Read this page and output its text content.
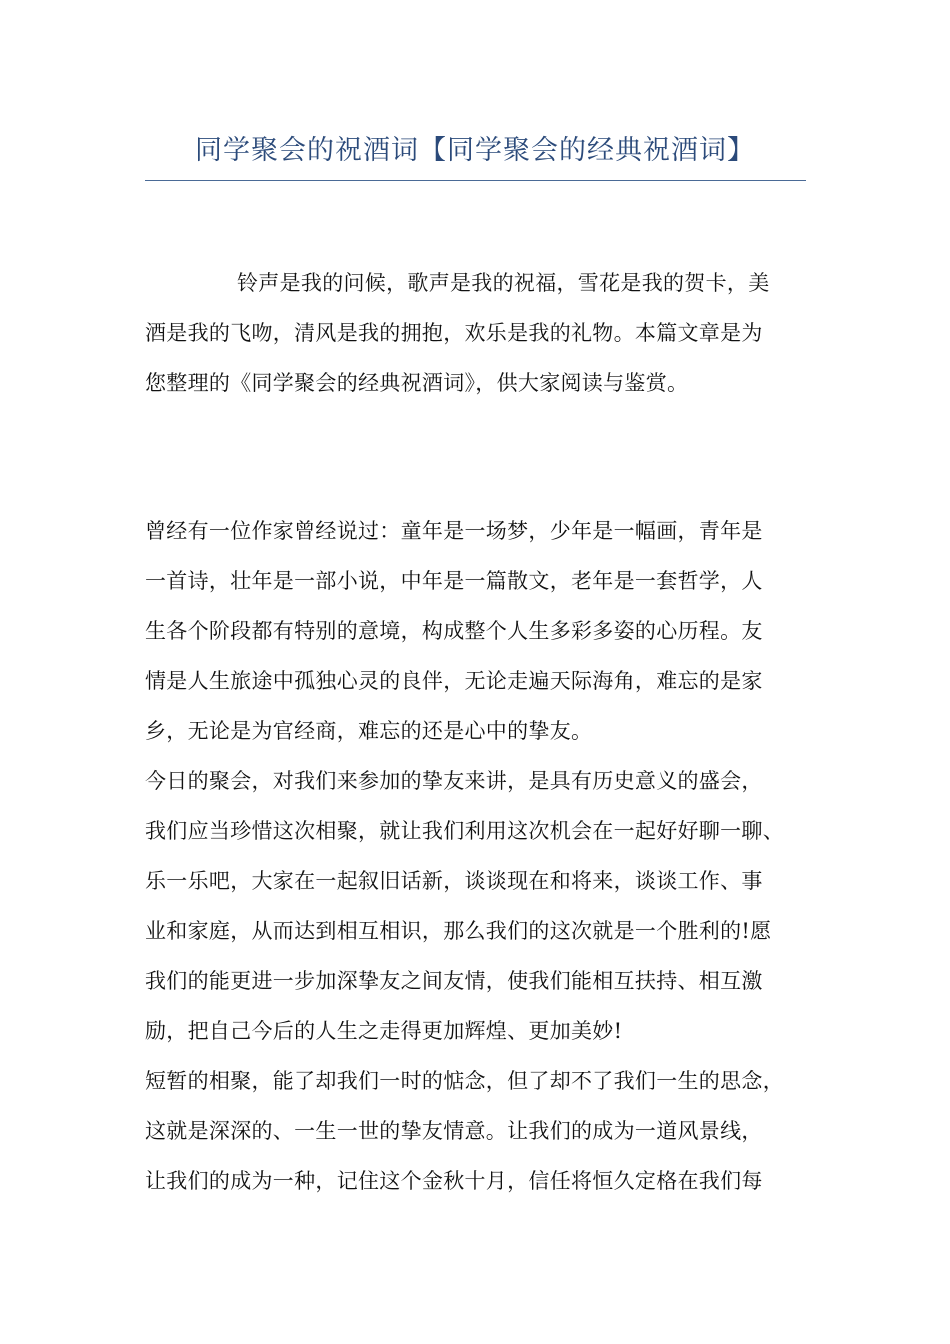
同学聚会的祝酒词【同学聚会的经典祝酒词】
铃声是我的问候，歌声是我的祝福，雪花是我的贺卡，美
酒是我的飞吻，清风是我的拥抱，欢乐是我的礼物。本篇文章是为
您整理的《同学聚会的经典祝酒词》，供大家阅读与鉴赏。
曾经有一位作家曾经说过：童年是一场梦，少年是一幅画，青年是
一首诗，壮年是一部小说，中年是一篇散文，老年是一套哲学，人
生各个阶段都有特别的意境，构成整个人生多彩多姿的心历程。友
情是人生旅途中孤独心灵的良伴，无论走遍天际海角，难忘的是家
乡，无论是为官经商，难忘的还是心中的挚友。
今日的聚会，对我们来参加的挚友来讲，是具有历史意义的盛会，
我们应当珍惜这次相聚，就让我们利用这次机会在一起好好聊一聊、
乐一乐吧，大家在一起叙旧话新，谈谈现在和将来，谈谈工作、事
业和家庭，从而达到相互相识，那么我们的这次就是一个胜利的!愿
我们的能更进一步加深挚友之间友情，使我们能相互扶持、相互激
励，把自己今后的人生之走得更加辉煌、更加美妙!
短暂的相聚，能了却我们一时的惦念，但了却不了我们一生的思念，
这就是深深的、一生一世的挚友情意。让我们的成为一道风景线，
让我们的成为一种，记住这个金秋十月，信任将恒久定格在我们每
